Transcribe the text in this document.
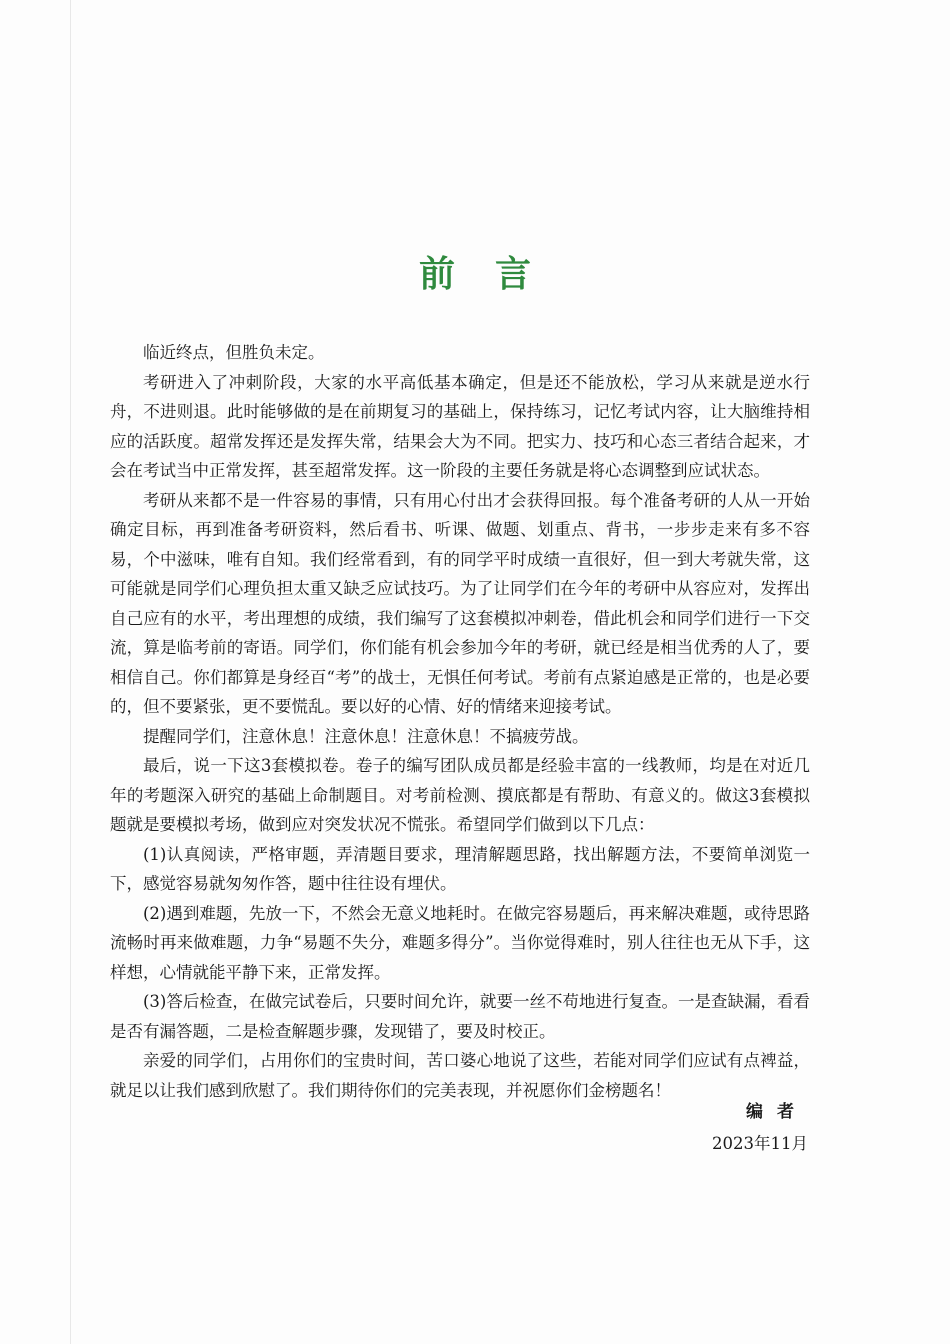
前言

临近终点，但胜负未定。

考研进入了冲刺阶段，大家的水平高低基本确定，但是还不能放松，学习从来就是逆水行舟，不进则退。此时能够做的是在前期复习的基础上，保持练习，记忆考试内容，让大脑维持相应的活跃度。超常发挥还是发挥失常，结果会大为不同。把实力、技巧和心态三者结合起来，才会在考试当中正常发挥，甚至超常发挥。这一阶段的主要任务就是将心态调整到应试状态。

考研从来都不是一件容易的事情，只有用心付出才会获得回报。每个准备考研的人从一开始确定目标，再到准备考研资料，然后看书、听课、做题、划重点、背书，一步步走来有多不容易，个中滋味，唯有自知。我们经常看到，有的同学平时成绩一直很好，但一到大考就失常，这可能就是同学们心理负担太重又缺乏应试技巧。为了让同学们在今年的考研中从容应对，发挥出自己应有的水平，考出理想的成绩，我们编写了这套模拟冲刺卷，借此机会和同学们进行一下交流，算是临考前的寄语。同学们，你们能有机会参加今年的考研，就已经是相当优秀的人了，要相信自己。你们都算是身经百“考”的战士，无惧任何考试。考前有点紧迫感是正常的，也是必要的，但不要紧张，更不要慌乱。要以好的心情、好的情绪来迎接考试。

提醒同学们，注意休息！注意休息！注意休息！不搞疲劳战。

最后，说一下这3套模拟卷。卷子的编写团队成员都是经验丰富的一线教师，均是在对近几年的考题深入研究的基础上命制题目。对考前检测、摸底都是有帮助、有意义的。做这3套模拟题就是要模拟考场，做到应对突发状况不慌张。希望同学们做到以下几点：

(1)认真阅读，严格审题，弄清题目要求，理清解题思路，找出解题方法，不要简单浏览一下，感觉容易就匆匆作答，题中往往设有埋伏。

(2)遇到难题，先放一下，不然会无意义地耗时。在做完容易题后，再来解决难题，或待思路流畅时再来做难题，力争“易题不失分，难题多得分”。当你觉得难时，别人往往也无从下手，这样想，心情就能平静下来，正常发挥。

(3)答后检查，在做完试卷后，只要时间允许，就要一丝不苟地进行复查。一是查缺漏，看看是否有漏答题，二是检查解题步骤，发现错了，要及时校正。

亲爱的同学们，占用你们的宝贵时间，苦口婆心地说了这些，若能对同学们应试有点裨益，就足以让我们感到欣慰了。我们期待你们的完美表现，并祝愿你们金榜题名！

编者
2023年11月
